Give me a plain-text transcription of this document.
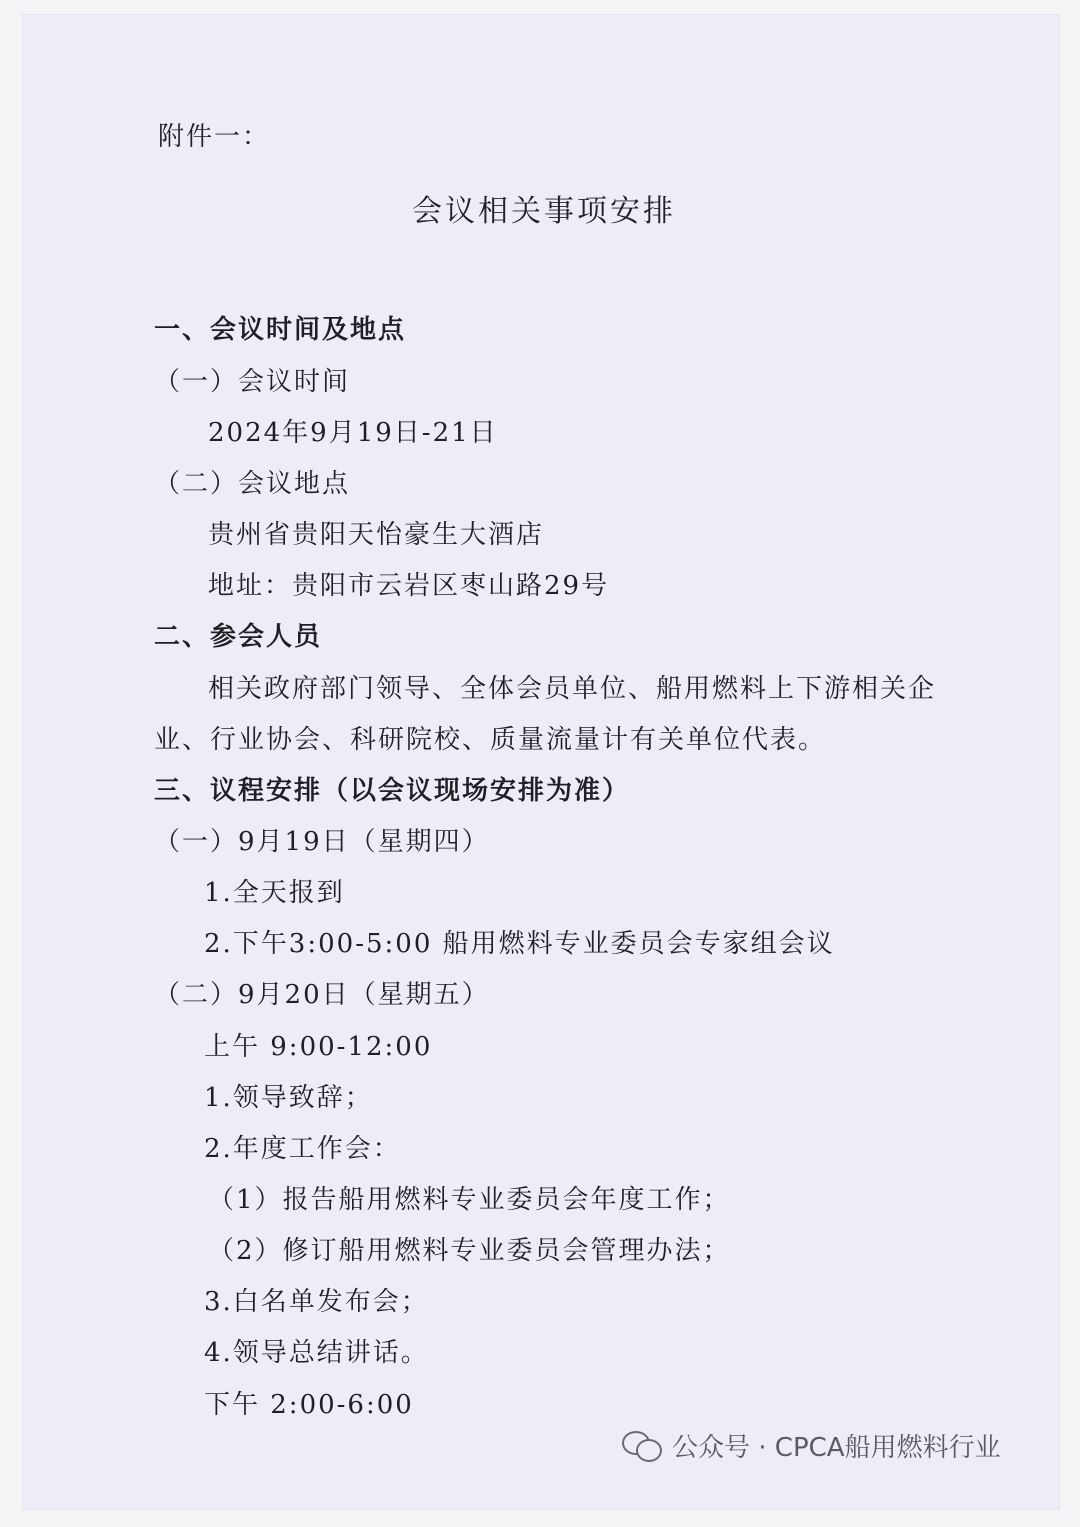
附件一：
会议相关事项安排
一、会议时间及地点
（一）会议时间
2024年9月19日-21日
（二）会议地点
贵州省贵阳天怡豪生大酒店
地址：贵阳市云岩区枣山路29号
二、参会人员
相关政府部门领导、全体会员单位、船用燃料上下游相关企
业、行业协会、科研院校、质量流量计有关单位代表。
三、议程安排（以会议现场安排为准）
（一）9月19日（星期四）
1.全天报到
2.下午3:00-5:00 船用燃料专业委员会专家组会议
（二）9月20日（星期五）
上午 9:00-12:00
1.领导致辞；
2.年度工作会：
（1）报告船用燃料专业委员会年度工作；
（2）修订船用燃料专业委员会管理办法；
3.白名单发布会；
4.领导总结讲话。
下午 2:00-6:00
公众号 · CPCA船用燃料行业
